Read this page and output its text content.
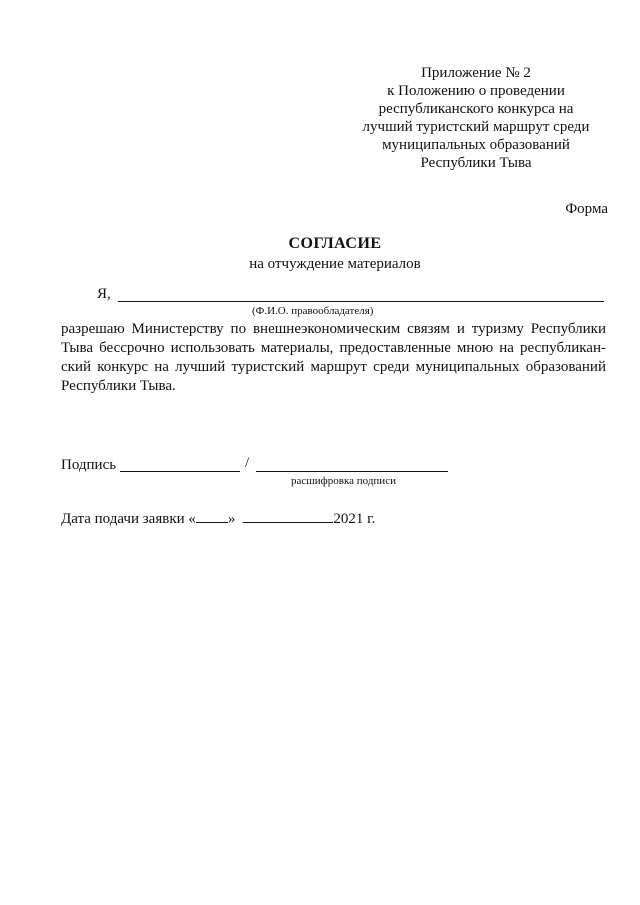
Приложение № 2
к Положению о проведении
республиканского конкурса на
лучший туристский маршрут среди
муниципальных образований
Республики Тыва
Форма
СОГЛАСИЕ
на отчуждение материалов
Я,
(Ф.И.О. правообладателя)
разрешаю Министерству по внешнеэкономическим связям и туризму Республики Тыва бессрочно использовать материалы, предоставленные мною на республикан-ский конкурс на лучший туристский маршрут среди муниципальных образований Республики Тыва.
Подпись	/
расшифровка подписи
Дата подачи заявки « »	2021 г.
